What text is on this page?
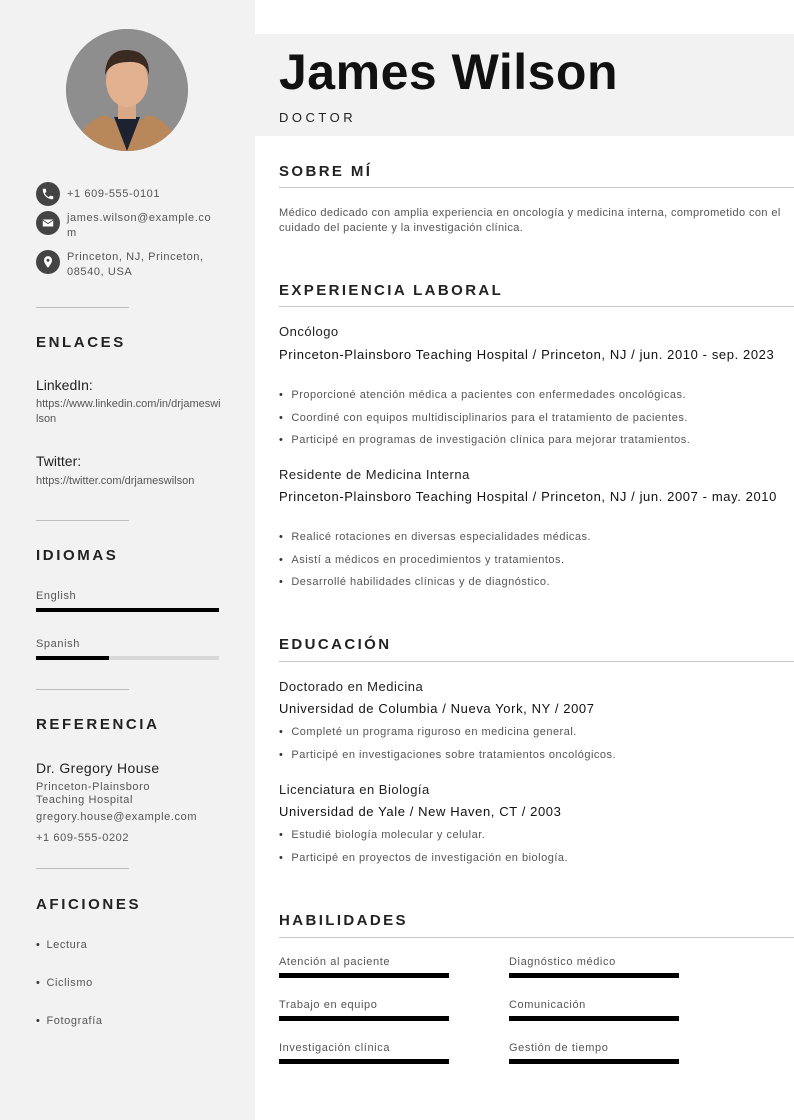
+1 609-555-0101
james.wilson@example.com
Princeton, NJ, Princeton, 08540, USA
ENLACES
LinkedIn:
https://www.linkedin.com/in/drjameswilson
Twitter:
https://twitter.com/drjameswilson
IDIOMAS
English
Spanish
REFERENCIA
Dr. Gregory House
Princeton-Plainsboro Teaching Hospital
gregory.house@example.com
+1 609-555-0202
AFICIONES
• Lectura
• Ciclismo
• Fotografía
James Wilson
DOCTOR
SOBRE MÍ
Médico dedicado con amplia experiencia en oncología y medicina interna, comprometido con el cuidado del paciente y la investigación clínica.
EXPERIENCIA LABORAL
Oncólogo
Princeton-Plainsboro Teaching Hospital / Princeton, NJ / jun. 2010 - sep. 2023
• Proporcioné atención médica a pacientes con enfermedades oncológicas.
• Coordiné con equipos multidisciplinarios para el tratamiento de pacientes.
• Participé en programas de investigación clínica para mejorar tratamientos.
Residente de Medicina Interna
Princeton-Plainsboro Teaching Hospital / Princeton, NJ / jun. 2007 - may. 2010
• Realicé rotaciones en diversas especialidades médicas.
• Asistí a médicos en procedimientos y tratamientos.
• Desarrollé habilidades clínicas y de diagnóstico.
EDUCACIÓN
Doctorado en Medicina
Universidad de Columbia / Nueva York, NY / 2007
• Completé un programa riguroso en medicina general.
• Participé en investigaciones sobre tratamientos oncológicos.
Licenciatura en Biología
Universidad de Yale / New Haven, CT / 2003
• Estudié biología molecular y celular.
• Participé en proyectos de investigación en biología.
HABILIDADES
Atención al paciente	Diagnóstico médico
Trabajo en equipo	Comunicación
Investigación clínica	Gestión de tiempo
